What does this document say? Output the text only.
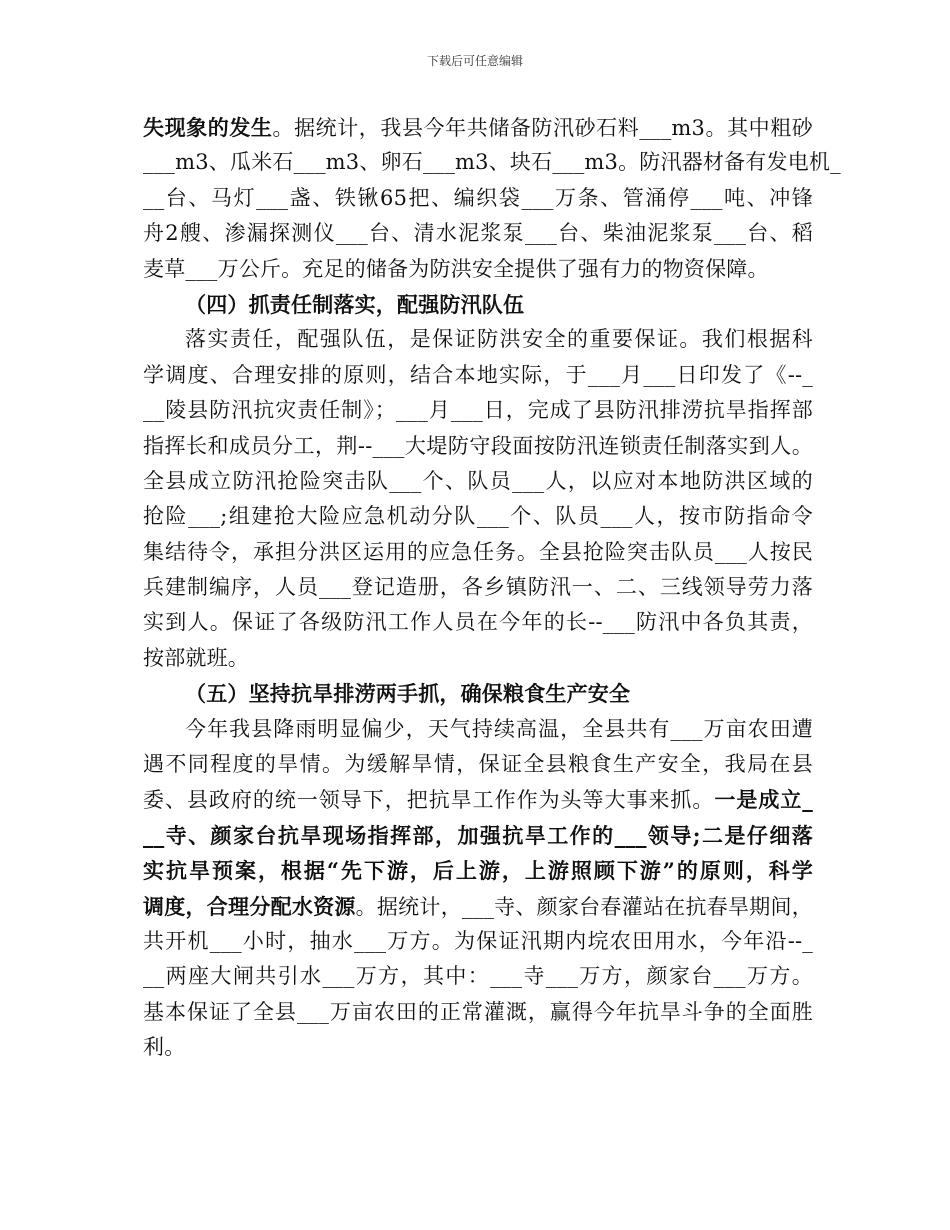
下载后可任意编辑
失现象的发生。据统计，我县今年共储备防汛砂石料___m3。其中粗砂
___m3、瓜米石___m3、卵石___m3、块石___m3。防汛器材备有发电机_
__台、马灯___盏、铁锹65把、编织袋___万条、管涌停___吨、冲锋
舟2艘、渗漏探测仪___台、清水泥浆泵___台、柴油泥浆泵___台、稻
麦草___万公斤。充足的储备为防洪安全提供了强有力的物资保障。
（四）抓责任制落实，配强防汛队伍
落实责任，配强队伍，是保证防洪安全的重要保证。我们根据科
学调度、合理安排的原则，结合本地实际，于___月___日印发了《--_
__陵县防汛抗灾责任制》；___月___日，完成了县防汛排涝抗旱指挥部
指挥长和成员分工，荆--___大堤防守段面按防汛连锁责任制落实到人。
全县成立防汛抢险突击队___个、队员___人，以应对本地防洪区域的
抢险___;组建抢大险应急机动分队___个、队员___人，按市防指命令
集结待令，承担分洪区运用的应急任务。全县抢险突击队员___人按民
兵建制编序，人员___登记造册，各乡镇防汛一、二、三线领导劳力落
实到人。保证了各级防汛工作人员在今年的长--___防汛中各负其责，
按部就班。
（五）坚持抗旱排涝两手抓，确保粮食生产安全
今年我县降雨明显偏少，天气持续高温，全县共有___万亩农田遭
遇不同程度的旱情。为缓解旱情，保证全县粮食生产安全，我局在县
委、县政府的统一领导下，把抗旱工作作为头等大事来抓。一是成立_
__寺、颜家台抗旱现场指挥部，加强抗旱工作的___领导;二是仔细落
实抗旱预案，根据“先下游，后上游，上游照顾下游”的原则，科学
调度，合理分配水资源。据统计，___寺、颜家台春灌站在抗春旱期间，
共开机___小时，抽水___万方。为保证汛期内垸农田用水，今年沿--_
__两座大闸共引水___万方，其中：___寺___万方，颜家台___万方。
基本保证了全县___万亩农田的正常灌溉，赢得今年抗旱斗争的全面胜
利。
